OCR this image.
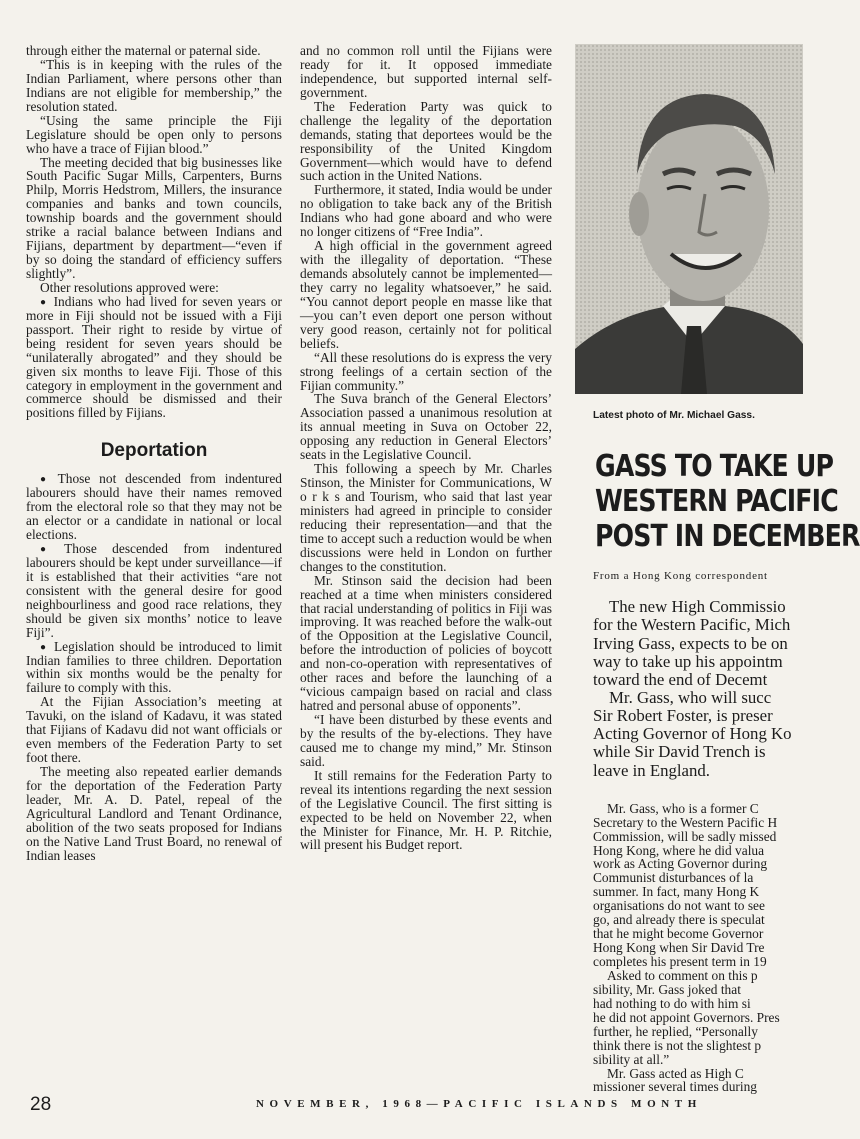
through either the maternal or paternal side.

“This is in keeping with the rules of the Indian Parliament, where persons other than Indians are not eligible for membership,” the resolution stated.

“Using the same principle the Fiji Legislature should be open only to persons who have a trace of Fijian blood.”

The meeting decided that big businesses like South Pacific Sugar Mills, Carpenters, Burns Philp, Morris Hedstrom, Millers, the insurance companies and banks and town councils, township boards and the government should strike a racial balance between Indians and Fijians, department by department—“even if by so doing the standard of efficiency suffers slightly”.

Other resolutions approved were:

● Indians who had lived for seven years or more in Fiji should not be issued with a Fiji passport. Their right to reside by virtue of being resident for seven years should be “unilaterally abrogated” and they should be given six months to leave Fiji. Those of this category in employment in the government and commerce should be dismissed and their positions filled by Fijians.

Deportation

● Those not descended from indentured labourers should have their names removed from the electoral role so that they may not be an elector or a candidate in national or local elections.

● Those descended from indentured labourers should be kept under surveillance—if it is established that their activities “are not consistent with the general desire for good neighbourliness and good race relations, they should be given six months’ notice to leave Fiji”.

● Legislation should be introduced to limit Indian families to three children. Deportation within six months would be the penalty for failure to comply with this.

At the Fijian Association’s meeting at Tavuki, on the island of Kadavu, it was stated that Fijians of Kadavu did not want officials or even members of the Federation Party to set foot there.

The meeting also repeated earlier demands for the deportation of the Federation Party leader, Mr. A. D. Patel, repeal of the Agricultural Landlord and Tenant Ordinance, abolition of the two seats proposed for Indians on the Native Land Trust Board, no renewal of Indian leases

and no common roll until the Fijians were ready for it. It opposed immediate independence, but supported internal self-government.

The Federation Party was quick to challenge the legality of the deportation demands, stating that deportees would be the responsibility of the United Kingdom Government—which would have to defend such action in the United Nations.

Furthermore, it stated, India would be under no obligation to take back any of the British Indians who had gone aboard and who were no longer citizens of “Free India”.

A high official in the government agreed with the illegality of deportation. “These demands absolutely cannot be implemented—they carry no legality whatsoever,” he said. “You cannot deport people en masse like that—you can’t even deport one person without very good reason, certainly not for political beliefs.

“All these resolutions do is express the very strong feelings of a certain section of the Fijian community.”

The Suva branch of the General Electors’ Association passed a unanimous resolution at its annual meeting in Suva on October 22, opposing any reduction in General Electors’ seats in the Legislative Council.

This following a speech by Mr. Charles Stinson, the Minister for Communications, W o r k s and Tourism, who said that last year ministers had agreed in principle to consider reducing their representation—and that the time to accept such a reduction would be when discussions were held in London on further changes to the constitution.

Mr. Stinson said the decision had been reached at a time when ministers considered that racial understanding of politics in Fiji was improving. It was reached before the walk-out of the Opposition at the Legislative Council, before the introduction of policies of boycott and non-co-operation with representatives of other races and before the launching of a “vicious campaign based on racial and class hatred and personal abuse of opponents”.

“I have been disturbed by these events and by the results of the by-elections. They have caused me to change my mind,” Mr. Stinson said.

It still remains for the Federation Party to reveal its intentions regarding the next session of the Legislative Council. The first sitting is expected to be held on November 22, when the Minister for Finance, Mr. H. P. Ritchie, will present his Budget report.

Latest photo of Mr. Michael Gass.
GASS TO TAKE UP
WESTERN PACIFIC
POST IN DECEMBER
From a Hong Kong correspondent
The new High Commissio
for the Western Pacific, Mich
Irving Gass, expects to be on
way to take up his appointm
toward the end of Decemt
Mr. Gass, who will succ
Sir Robert Foster, is preser
Acting Governor of Hong Ko
while Sir David Trench is
leave in England.
Mr. Gass, who is a former C
Secretary to the Western Pacific H
Commission, will be sadly missed
Hong Kong, where he did valua
work as Acting Governor during
Communist disturbances of la
summer. In fact, many Hong K
organisations do not want to see
go, and already there is speculat
that he might become Governor
Hong Kong when Sir David Tre
completes his present term in 19
Asked to comment on this p
sibility, Mr. Gass joked that
had nothing to do with him si
he did not appoint Governors. Pres
further, he replied, “Personally
think there is not the slightest p
sibility at all.”
Mr. Gass acted as High C
missioner several times during
28	NOVEMBER, 1968—PACIFIC ISLANDS MONTH
